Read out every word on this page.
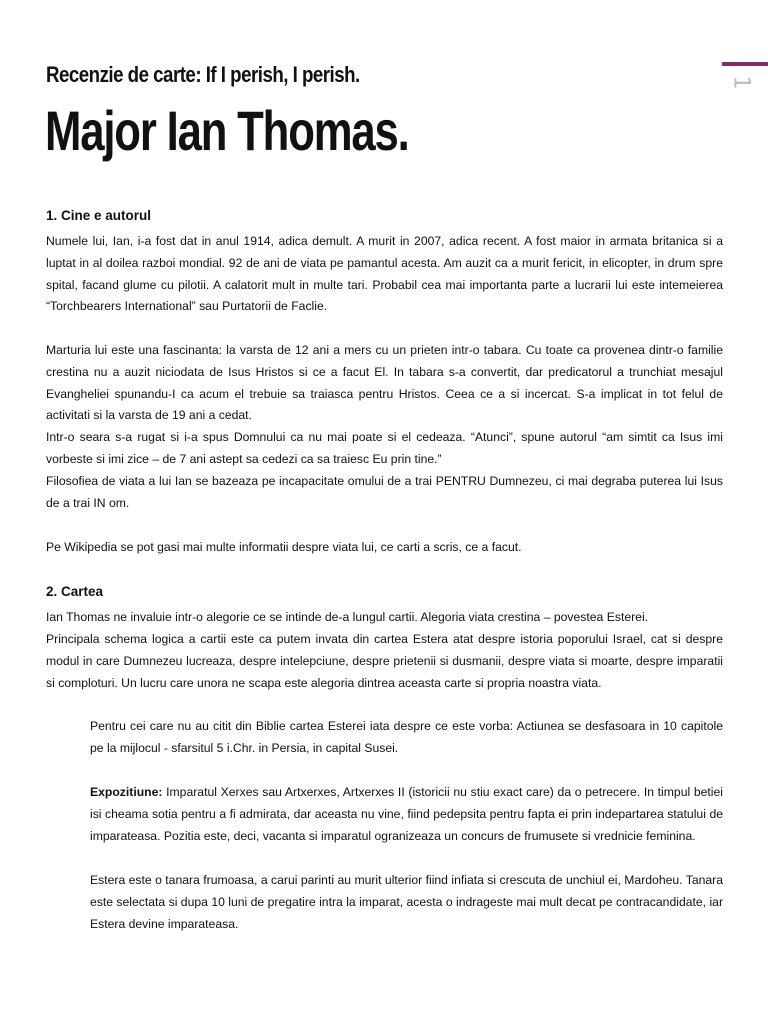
1
Recenzie de carte: If I perish, I perish.
Major Ian Thomas.
1. Cine e autorul
Numele lui, Ian, i-a fost dat in anul 1914, adica demult. A murit in 2007, adica recent. A fost maior in armata britanica si a luptat in al doilea razboi mondial. 92 de ani de viata pe pamantul acesta. Am auzit ca a murit fericit, in elicopter, in drum spre spital, facand glume cu pilotii. A calatorit mult in multe tari. Probabil cea mai importanta parte a lucrarii lui este intemeierea “Torchbearers International” sau Purtatorii de Faclie.
Marturia lui este una fascinanta: la varsta de 12 ani a mers cu un prieten intr-o tabara. Cu toate ca provenea dintr-o familie crestina nu a auzit niciodata de Isus Hristos si ce a facut El. In tabara s-a convertit, dar predicatorul a trunchiat mesajul Evangheliei spunandu-I ca acum el trebuie sa traiasca pentru Hristos. Ceea ce a si incercat. S-a implicat in tot felul de activitati si la varsta de 19 ani a cedat.
Intr-o seara s-a rugat si i-a spus Domnului ca nu mai poate si el cedeaza. “Atunci”, spune autorul “am simtit ca Isus imi vorbeste si imi zice – de 7 ani astept sa cedezi ca sa traiesc Eu prin tine.”
Filosofiea de viata a lui Ian se bazeaza pe incapacitate omului de a trai PENTRU Dumnezeu, ci mai degraba puterea lui Isus de a trai IN om.
Pe Wikipedia se pot gasi mai multe informatii despre viata lui, ce carti a scris, ce a facut.
2. Cartea
Ian Thomas ne invaluie intr-o alegorie ce se intinde de-a lungul cartii. Alegoria viata crestina – povestea Esterei.
Principala schema logica a cartii este ca putem invata din cartea Estera atat despre istoria poporului Israel, cat si despre modul in care Dumnezeu lucreaza, despre intelepciune, despre prietenii si dusmanii, despre viata si moarte, despre imparatii si comploturi. Un lucru care unora ne scapa este alegoria dintrea aceasta carte si propria noastra viata.
Pentru cei care nu au citit din Biblie cartea Esterei iata despre ce este vorba: Actiunea se desfasoara in 10 capitole pe la mijlocul - sfarsitul 5 i.Chr. in Persia, in capital Susei.
Expozitiune: Imparatul Xerxes sau Artxerxes, Artxerxes II (istoricii nu stiu exact care) da o petrecere. In timpul betiei isi cheama sotia pentru a fi admirata, dar aceasta nu vine, fiind pedepsita pentru fapta ei prin indepartarea statului de imparateasa. Pozitia este, deci, vacanta si imparatul ogranizeaza un concurs de frumusete si vrednicie feminina.
Estera este o tanara frumoasa, a carui parinti au murit ulterior fiind infiata si crescuta de unchiul ei, Mardoheu. Tanara este selectata si dupa 10 luni de pregatire intra la imparat, acesta o indrageste mai mult decat pe contracandidate, iar Estera devine imparateasa.
